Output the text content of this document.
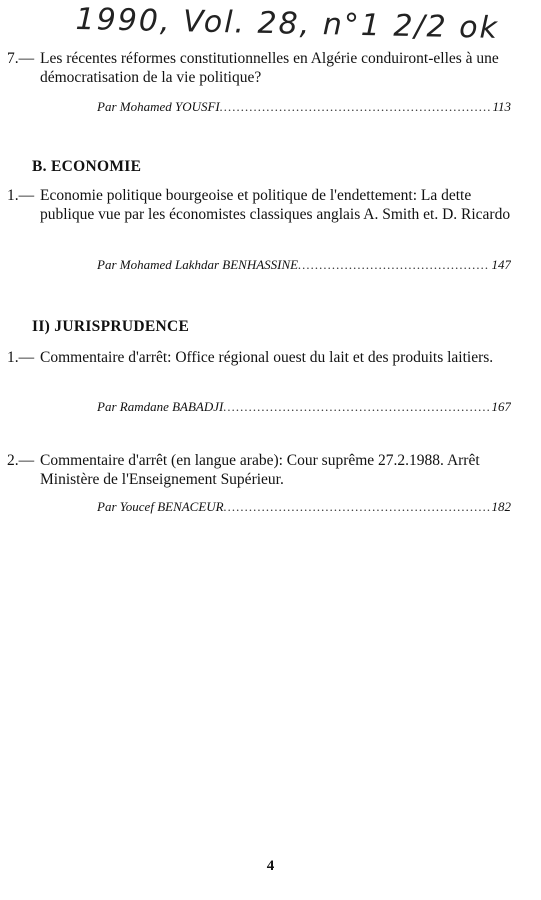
1990, Vol. 28, n°1 2/2 ok
7.— Les récentes réformes constitutionnelles en Algérie conduiront-elles à une démocratisation de la vie politique?
Par
Mohamed YOUSFI .....	113
B. ECONOMIE
1.— Economie politique bourgeoise et politique de l'endettement: La dette publique vue par les économistes classiques anglais A. Smith et. D. Ricardo
Par
Mohamed Lakhdar BENHASSINE .....	147
II) JURISPRUDENCE
1.— Commentaire d'arrêt: Office régional ouest du lait et des produits laitiers.
Par
Ramdane BABADJI .....	167
2.— Commentaire d'arrêt (en langue arabe): Cour suprême 27.2.1988. Arrêt Ministère de l'Enseignement Supérieur.
Par
Youcef BENACEUR .....	182
4
